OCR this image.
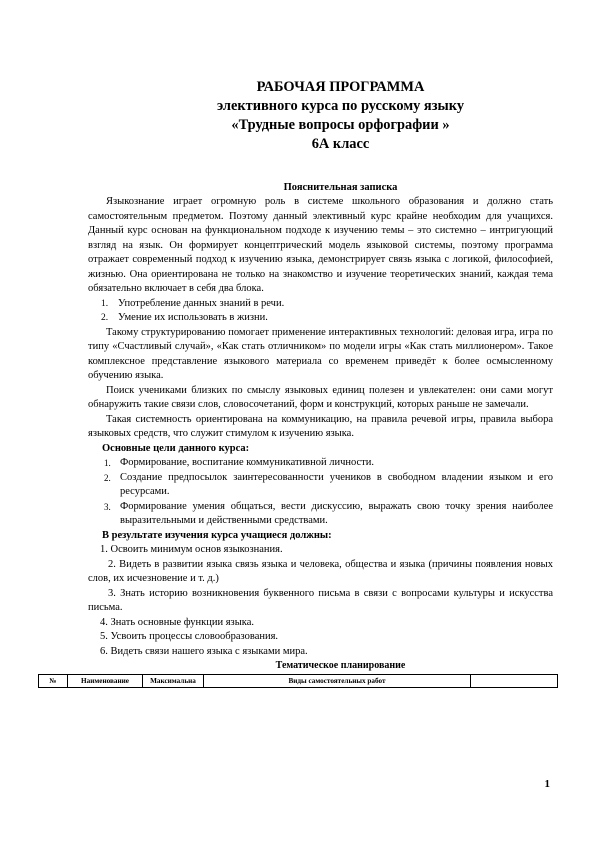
РАБОЧАЯ ПРОГРАММА
элективного курса по русскому языку
«Трудные вопросы орфографии »
6А класс
Пояснительная записка

Языкознание играет огромную роль в системе школьного образования и должно стать самостоятельным предметом. Поэтому данный элективный курс крайне необходим для учащихся. Данный курс основан на функциональном подходе к изучению темы – это системно – интригующий взгляд на язык. Он формирует концептрический модель языковой системы, поэтому программа отражает современный подход к изучению языка, демонстрирует связь языка с логикой, философией, жизнью. Она ориентирована не только на знакомство и изучение теоретических знаний, каждая тема обязательно включает в себя два блока.

1. Употребление данных знаний в речи.
2. Умение их использовать в жизни.

Такому структурированию помогает применение интерактивных технологий: деловая игра, игра по типу «Счастливый случай», «Как стать отличником» по модели игры «Как стать миллионером». Такое комплексное представление языкового материала со временем приведёт к более осмысленному обучению языка.

Поиск учениками близких по смыслу языковых единиц полезен и увлекателен: они сами могут обнаружить такие связи слов, словосочетаний, форм и конструкций, которых раньше не замечали.

Такая системность ориентирована на коммуникацию, на правила речевой игры, правила выбора языковых средств, что служит стимулом к изучению языка.

Основные цели данного курса:
1. Формирование, воспитание коммуникативной личности.
2. Создание предпосылок заинтересованности учеников в свободном владении языком и его ресурсами.
3. Формирование умения общаться, вести дискуссию, выражать свою точку зрения наиболее выразительными и действенными средствами.
В результате изучения курса учащиеся должны:
1. Освоить минимум основ языкознания.
2. Видеть в развитии языка связь языка и человека, общества и языка (причины появления новых слов, их исчезновение и т. д.)
3. Знать историю возникновения буквенного письма в связи с вопросами культуры и искусства письма.
4. Знать основные функции языка.
5. Усвоить процессы словообразования.
6. Видеть связи нашего языка с языками мира.
Тематическое планирование
№	Наименование	Максимальна	Виды самостоятельных работ	
1
